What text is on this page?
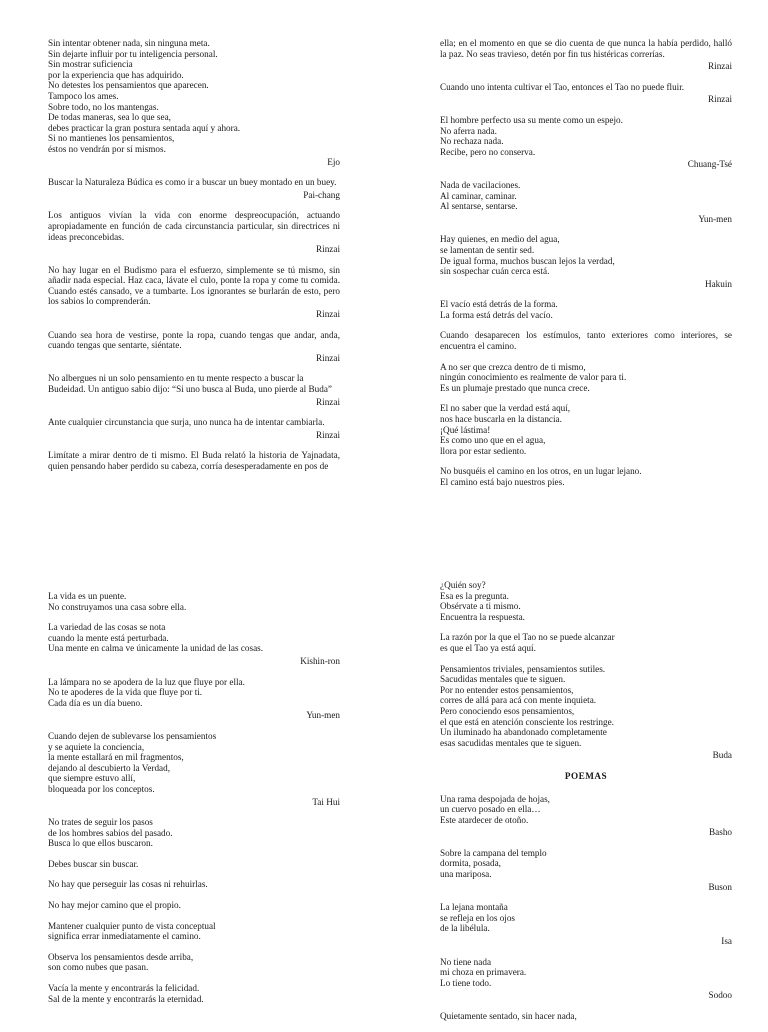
Sin intentar obtener nada, sin ninguna meta.
Sin dejarte influir por tu inteligencia personal.
Sin mostrar suficiencia
por la experiencia que has adquirido.
No detestes los pensamientos que aparecen.
Tampoco los ames.
Sobre todo, no los mantengas.
De todas maneras, sea lo que sea,
debes practicar la gran postura sentada aquí y ahora.
Si no mantienes los pensamientos,
éstos no vendrán por sí mismos.
Ejo
Buscar la Naturaleza Búdica es como ir a buscar un buey montado en un buey.
Pai-chang
Los antiguos vivían la vida con enorme despreocupación, actuando apropiadamente en función de cada circunstancia particular, sin directrices ni ideas preconcebidas.
Rinzai
No hay lugar en el Budismo para el esfuerzo, simplemente se tú mismo, sin añadir nada especial. Haz caca, lávate el culo, ponte la ropa y come tu comida. Cuando estés cansado, ve a tumbarte. Los ignorantes se burlarán de esto, pero los sabios lo comprenderán.
Rinzai
Cuando sea hora de vestirse, ponte la ropa, cuando tengas que andar, anda, cuando tengas que sentarte, siéntate.
Rinzai
No albergues ni un solo pensamiento en tu mente respecto a buscar la
Budeidad. Un antiguo sabio dijo: “Si uno busca al Buda, uno pierde al Buda”
Rinzai
Ante cualquier circunstancia que surja, uno nunca ha de intentar cambiarla.
Rinzai
Limítate a mirar dentro de ti mismo. El Buda relató la historia de Yajnadata, quien pensando haber perdido su cabeza, corría desesperadamente en pos de
ella; en el momento en que se dio cuenta de que nunca la había perdido, halló la paz. No seas travieso, detén por fin tus histéricas correrías.
Rinzai
Cuando uno intenta cultivar el Tao, entonces el Tao no puede fluir.
Rinzai
El hombre perfecto usa su mente como un espejo.
No aferra nada.
No rechaza nada.
Recibe, pero no conserva.
Chuang-Tsé
Nada de vacilaciones.
Al caminar, caminar.
Al sentarse, sentarse.
Yun-men
Hay quienes, en medio del agua,
se lamentan de sentir sed.
De igual forma, muchos buscan lejos la verdad,
sin sospechar cuán cerca está.
Hakuin
El vacío está detrás de la forma.
La forma está detrás del vacío.
Cuando desaparecen los estímulos, tanto exteriores como interiores, se encuentra el camino.
A no ser que crezca dentro de ti mismo,
ningún conocimiento es realmente de valor para ti.
Es un plumaje prestado que nunca crece.
El no saber que la verdad está aquí,
nos hace buscarla en la distancia.
¡Qué lástima!
Es como uno que en el agua,
llora por estar sediento.
No busquéis el camino en los otros, en un lugar lejano.
El camino está bajo nuestros pies.
La vida es un puente.
No construyamos una casa sobre ella.
La variedad de las cosas se nota
cuando la mente está perturbada.
Una mente en calma ve únicamente la unidad de las cosas.
Kishin-ron
La lámpara no se apodera de la luz que fluye por ella.
No te apoderes de la vida que fluye por ti.
Cada día es un día bueno.
Yun-men
Cuando dejen de sublevarse los pensamientos
y se aquiete la conciencia,
la mente estallará en mil fragmentos,
dejando al descubierto la Verdad,
que siempre estuvo allí,
bloqueada por los conceptos.
Tai Hui
No trates de seguir los pasos
de los hombres sabios del pasado.
Busca lo que ellos buscaron.
Debes buscar sin buscar.
No hay que perseguir las cosas ni rehuirlas.
No hay mejor camino que el propio.
Mantener cualquier punto de vista conceptual
significa errar inmediatamente el camino.
Observa los pensamientos desde arriba,
son como nubes que pasan.
Vacía la mente y encontrarás la felicidad.
Sal de la mente y encontrarás la eternidad.
¿Quién soy?
Esa es la pregunta.
Obsérvate a ti mismo.
Encuentra la respuesta.
La razón por la que el Tao no se puede alcanzar
es que el Tao ya está aquí.
Pensamientos triviales, pensamientos sutiles.
Sacudidas mentales que te siguen.
Por no entender estos pensamientos,
corres de allá para acá con mente inquieta.
Pero conociendo esos pensamientos,
el que está en atención consciente los restringe.
Un iluminado ha abandonado completamente
esas sacudidas mentales que te siguen.
Buda
POEMAS
Una rama despojada de hojas,
un cuervo posado en ella…
Este atardecer de otoño.
Basho
Sobre la campana del templo
dormita, posada,
una mariposa.
Buson
La lejana montaña
se refleja en los ojos
de la libélula.
Isa
No tiene nada
mi choza en primavera.
Lo tiene todo.
Sodoo
Quietamente sentado, sin hacer nada,
